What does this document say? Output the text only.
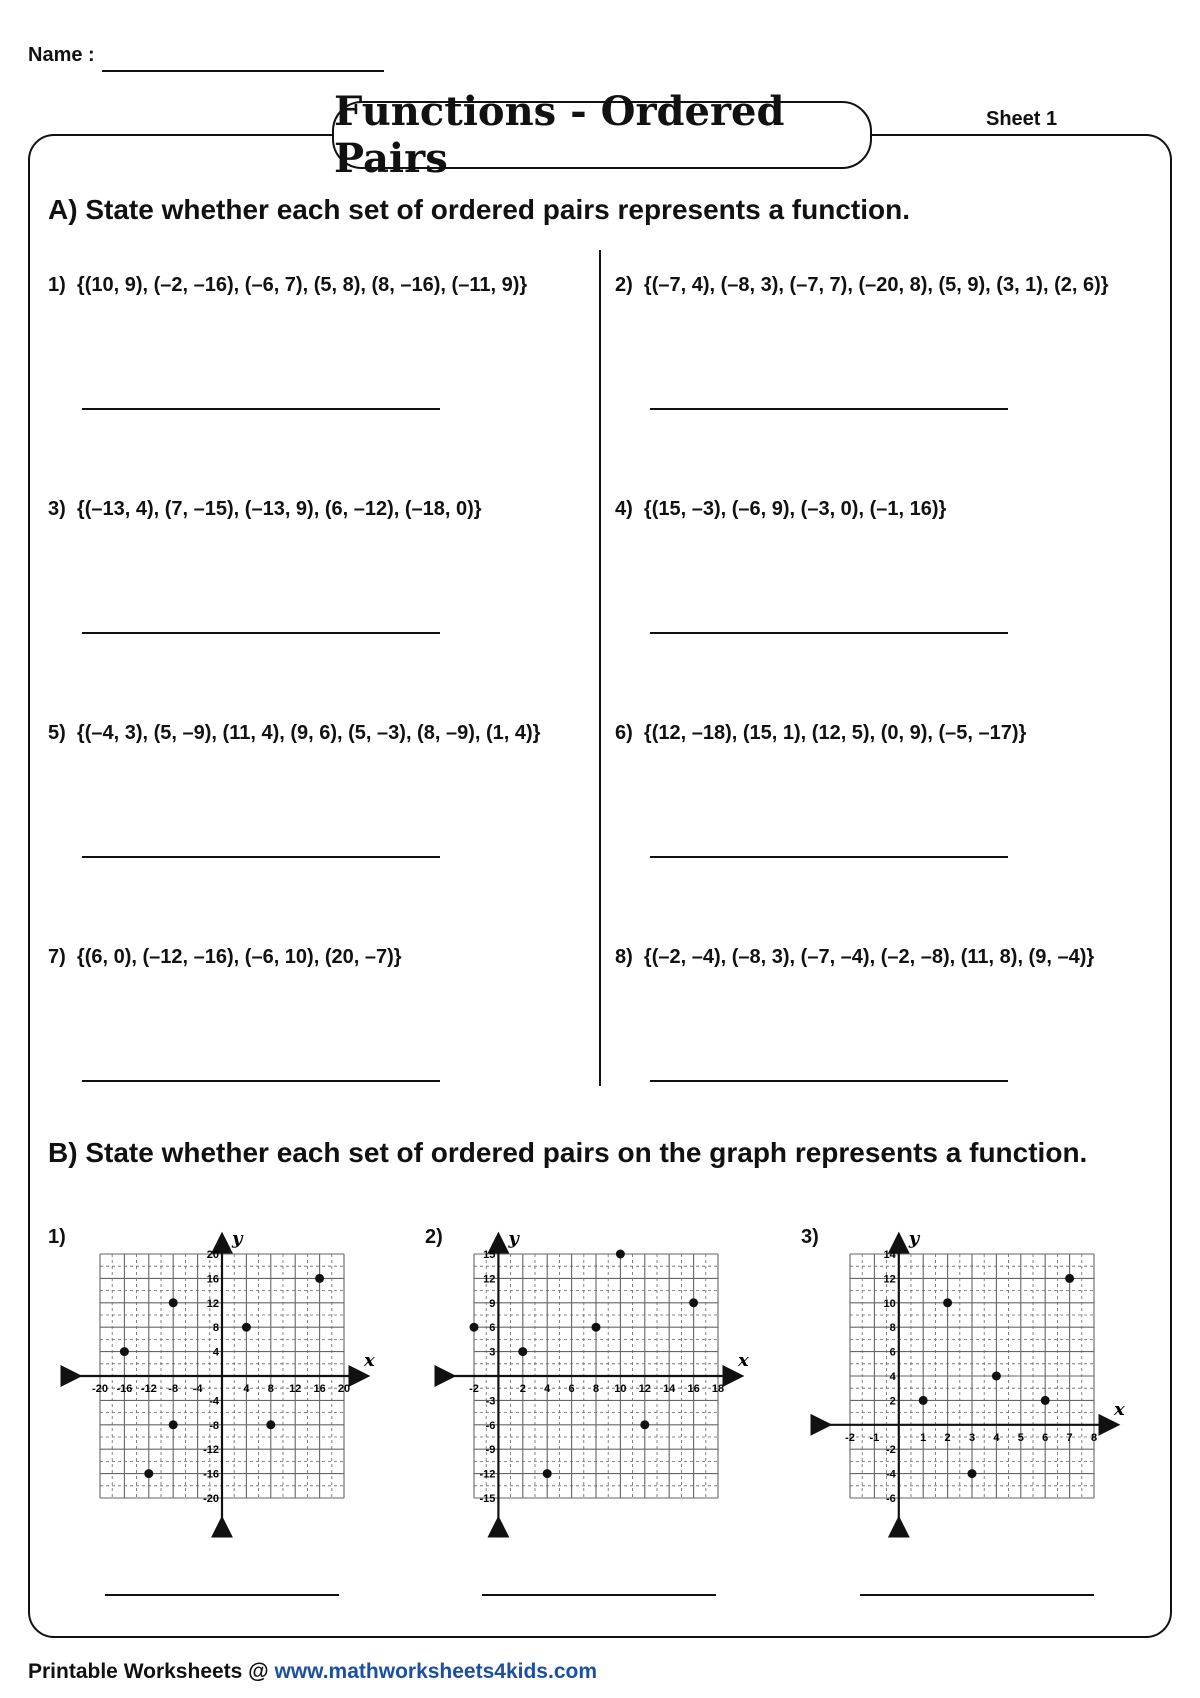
Name :
Functions - Ordered Pairs
Sheet 1
A) State whether each set of ordered pairs represents a function.
1) {(10, 9), (–2, –16), (–6, 7), (5, 8), (8, –16), (–11, 9)}	2) {(–7, 4), (–8, 3), (–7, 7), (–20, 8), (5, 9), (3, 1), (2, 6)}
3) {(–13, 4), (7, –15), (–13, 9), (6, –12), (–18, 0)}	4) {(15, –3), (–6, 9), (–3, 0), (–1, 16)}
5) {(–4, 3), (5, –9), (11, 4), (9, 6), (5, –3), (8, –9), (1, 4)}	6) {(12, –18), (15, 1), (12, 5), (0, 9), (–5, –17)}
7) {(6, 0), (–12, –16), (–6, 10), (20, –7)}	8) {(–2, –4), (–8, 3), (–7, –4), (–2, –8), (11, 8), (9, –4)}
B) State whether each set of ordered pairs on the graph represents a function.
1)
x
y
-20 -16 -12 -8 -4	4 8 12 16 20
20
16
12
8
4
-4
-8
-12
-16
-20
2)
x
y
-2	2 4 6 8 10 12 14 16 18
15
12
9
6
3
-3
-6
-9
-12
-15
3)
x
y
-2 -1	1 2 3 4 5 6 7 8
14
12
10
8
6
4
2
-2
-4
-6
Printable Worksheets @ www.mathworksheets4kids.com
